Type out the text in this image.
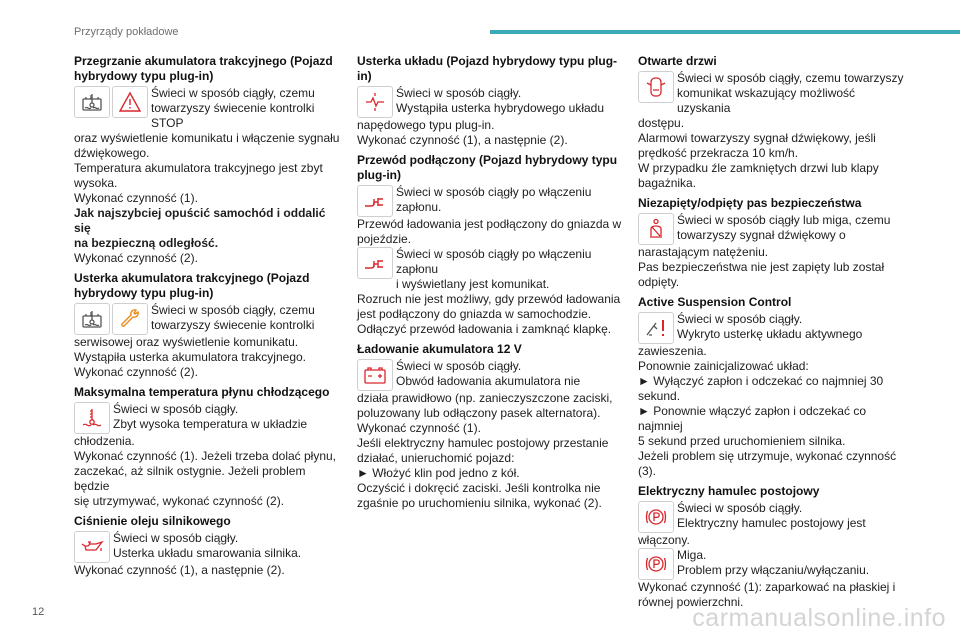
Przyrządy pokładowe
Przegrzanie akumulatora trakcyjnego (Pojazd hybrydowy typu plug-in)
Świeci w sposób ciągły, czemu
towarzyszy świecenie kontrolki STOP
oraz wyświetlenie komunikatu i włączenie sygnału
dźwiękowego.
Temperatura akumulatora trakcyjnego jest zbyt
wysoka.
Wykonać czynność (1).
Jak najszybciej opuścić samochód i oddalić się
na bezpieczną odległość.
Wykonać czynność (2).
Usterka akumulatora trakcyjnego (Pojazd hybrydowy typu plug-in)
Świeci w sposób ciągły, czemu
towarzyszy świecenie kontrolki
serwisowej oraz wyświetlenie komunikatu.
Wystąpiła usterka akumulatora trakcyjnego.
Wykonać czynność (2).
Maksymalna temperatura płynu chłodzącego
Świeci w sposób ciągły.
Zbyt wysoka temperatura w układzie
chłodzenia.
Wykonać czynność (1). Jeżeli trzeba dolać płynu,
zaczekać, aż silnik ostygnie. Jeżeli problem będzie
się utrzymywać, wykonać czynność (2).
Ciśnienie oleju silnikowego
Świeci w sposób ciągły.
Usterka układu smarowania silnika.
Wykonać czynność (1), a następnie (2).
Usterka układu (Pojazd hybrydowy typu plug-in)
Świeci w sposób ciągły.
Wystąpiła usterka hybrydowego układu
napędowego typu plug-in.
Wykonać czynność (1), a następnie (2).
Przewód podłączony (Pojazd hybrydowy typu plug-in)
Świeci w sposób ciągły po włączeniu
zapłonu.
Przewód ładowania jest podłączony do gniazda w
pojeździe.
Świeci w sposób ciągły po włączeniu zapłonu
i wyświetlany jest komunikat.
Rozruch nie jest możliwy, gdy przewód ładowania
jest podłączony do gniazda w samochodzie.
Odłączyć przewód ładowania i zamknąć klapkę.
Ładowanie akumulatora 12 V
Świeci w sposób ciągły.
Obwód ładowania akumulatora nie
działa prawidłowo (np. zanieczyszczone zaciski,
poluzowany lub odłączony pasek alternatora).
Wykonać czynność (1).
Jeśli elektryczny hamulec postojowy przestanie
działać, unieruchomić pojazd:
► Włożyć klin pod jedno z kół.
Oczyścić i dokręcić zaciski. Jeśli kontrolka nie
zgaśnie po uruchomieniu silnika, wykonać (2).
Otwarte drzwi
Świeci w sposób ciągły, czemu towarzyszy
komunikat wskazujący możliwość uzyskania
dostępu.
Alarmowi towarzyszy sygnał dźwiękowy, jeśli
prędkość przekracza 10 km/h.
W przypadku źle zamkniętych drzwi lub klapy
bagażnika.
Niezapięty/odpięty pas bezpieczeństwa
Świeci w sposób ciągły lub miga, czemu
towarzyszy sygnał dźwiękowy o
narastającym natężeniu.
Pas bezpieczeństwa nie jest zapięty lub został
odpięty.
Active Suspension Control
Świeci w sposób ciągły.
Wykryto usterkę układu aktywnego
zawieszenia.
Ponownie zainicjalizować układ:
► Wyłączyć zapłon i odczekać co najmniej 30
sekund.
► Ponownie włączyć zapłon i odczekać co najmniej
5 sekund przed uruchomieniem silnika.
Jeżeli problem się utrzymuje, wykonać czynność (3).
Elektryczny hamulec postojowy
Świeci w sposób ciągły.
Elektryczny hamulec postojowy jest
włączony.
Miga.
Problem przy włączaniu/wyłączaniu.
Wykonać czynność (1): zaparkować na płaskiej i
równej powierzchni.
12	carmanualsonline.info
